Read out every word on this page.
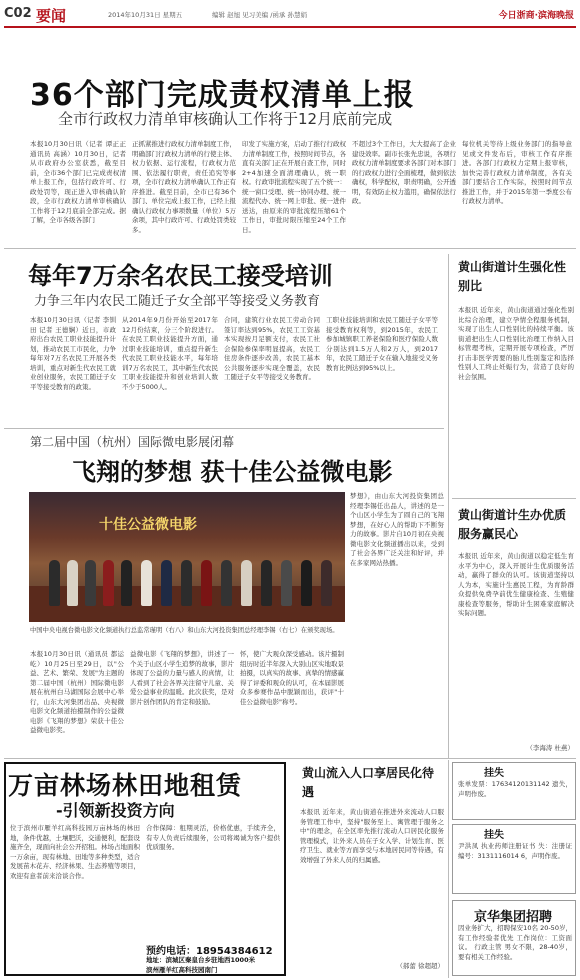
C02 要闻	2014年10月31日 星期五	编辑 赵旭 见习美编 /函承 孙慧娟	今日浙商·滨海晚报
36个部门完成责权清单上报
全市行政权力清单审核确认工作将于12月底前完成
本报10月30日讯（记者 谭正正 通讯员 高涵）10月30日，记者从市政府办公室获悉，截至目前，全市36个部门已完成责权清单上报工作，包括行政许可、行政处罚等，现正进入审核确认阶段，全市行政权力清单审核确认工作将于12月底前全部完成。据了解，全市各级各部门
正抓紧推进行政权力清单制度工作，明确部门行政权力清单的行使主体、权力依据、运行流程，行政权力范围、依法履行职责，责任追究等事项，全市行政权力清单确认工作正有序推进。截至目前，全市已有36个部门、单位完成上报工作，已经上报确认行政权力事项数量（单位）5万余项，其中行政许可、行政处罚类较多。
印发了实施方案，启动了推行行政权力清单制度工作，按照时间节点，各直有关部门正在开展自查工作，同时2+4加速全面清理确认，统一职权。行政审批流程实现了五个统一：统一窗口受理、统一协同办理、统一流程代办、统一网上审批、统一进件送达，由原来的审批流程压缩61个工作日，审批时限压缩至24个工作日。
不超过3个工作日，大大提高了企业建设效率。副市长张先忠说，各项行政权力清单制度要求各部门对本部门的行政权力进行全面梳理，做到依法确权，科学配权，职责明确，公开透明，有效防止权力滥用，确保依法行政。
每位机关等待上级业务部门的指导意见或文件发布后，审核工作有序推进。各部门行政权力定期上报审核，加快完善行政权力清单制度，各有关部门要结合工作实际，按照时间节点推进工作，并于2015年第一季度公布行政权力清单。
每年7万余名农民工接受培训
力争三年内农民工随迁子女全部平等接受义务教育
本报10月30日讯（记者 李钏田 记者 王德娴）近日，市政府出台农民工职业技能提升计划，推动农民工市民化，力争每年对7万名农民工开展各类培训，重点对新生代农民工就业创业服务，农民工随迁子女平等接受教育的政策。
从2014年9月份开始至2017年12月份结束，分三个阶段进行。在农民工职业技能提升方面，通过职业技能培训，重点提升新生代农民工职业技能水平，每年培训7万名农民工，其中新生代农民工职业技能提升和创业培训人数不少于5000人。
合同，建筑行业农民工劳动合同签订率达到95%，农民工工资基本实现按月足额支付，农民工社会保险参保率明显提高，农民工住房条件逐步改善，农民工基本公共服务逐步实现全覆盖，农民工随迁子女平等接受义务教育。
工职业技能培训和农民工随迁子女平等接受教育权利等，到2015年，农民工参加城镇职工养老保险和医疗保险人数分别达到1.5万人和2万人，到2017年，农民工随迁子女在输入地接受义务教育比例达到95%以上。
黄山街道计生强化性别比
本报讯 近年来，黄山街道通过强化性别比综合治理，建立孕情全程服务机制，实现了出生人口性别比的持续平衡。该街道把出生人口性别比治理工作纳入目标管理考核，定期开展专项检查，严厉打击非医学需要的胎儿性别鉴定和选择性别人工终止妊娠行为，营造了良好的社会氛围。
黄山街道计生办优质服务赢民心
本报讯 近年来，黄山街道以稳定低生育水平为中心，深入开展计生优质服务活动，赢得了群众的认可。该街道坚持以人为本，实施计生惠民工程，为育龄群众提供免费孕前优生健康检查、生殖健康检查等服务，帮助计生困难家庭解决实际问题。
（李海涛 杜燕）
第二届中国（杭州）国际微电影展闭幕
飞翔的梦想 获十佳公益微电影
十佳公益微电影
中国中央电视台微电影文化频道执行总监常瑾明（右八）和山东大河投资集团总经理李锡（右七）在颁奖现场。
梦想》，由山东大河投资集团总经理李锡任出品人，讲述的是一个山区小学生为了圆自己的飞翔梦想，在好心人的帮助下不断努力的故事。影片自10月初在央视微电影文化频道播出以来，受到了社会各界广泛关注和好评，并在多家网站热播。
本报10月30日讯（通讯员 都运屹）10月25日至29日，以"公益、艺术、繁荣、发展"为主题的第二届中国（杭州）国际微电影展在杭州白马湖国际会展中心举行，山东大河集团出品、央视微电影文化频道拍摄制作的公益微电影《飞翔的梦想》荣获十佳公益微电影奖。
益微电影《飞翔的梦想》，讲述了一个关于山区小学生追梦的故事，影片体现了公益的力量与感人的真情，让人看到了社会各界关注留守儿童、关爱公益事业的温暖。此次获奖，是对影片创作团队的肯定和鼓励。
怀，使广大观众深受感动。该片摄制组历时近半年深入大别山区实地取景拍摄，以真实的故事、真挚的情感赢得了评委和观众的认可，在本届影展众多参赛作品中脱颖而出，获评"十佳公益微电影"称号。
万亩林场林田地租赁
-引领新投资方向
位于滨州市雁羊红高科技园万亩林场的林田地，条件优越，土壤肥沃，交通便利，配套设施齐全，现面向社会公开招租。林场占地面积一万余亩，现有林地、田地等多种类型，适合发展苗木花卉、经济林果、生态养殖等项目，欢迎有意者前来洽谈合作。
合作保障：租期灵活，价格优惠，手续齐全，有专人负责后续服务，公司将竭诚为客户提供优质服务。
预约电话：18954384612
地址：滨城区秦皇台乡驻地西1000米
滨州雁羊红高科技园南门
黄山流入人口享居民化待遇
本报讯 近年来，黄山街道在推进外来流动人口服务管理工作中，坚持"服务至上、寓管理于服务之中"的理念，在全区率先推行流动人口居民化服务管理模式，让外来人员在子女入学、计划生育、医疗卫生、就业等方面享受与本地居民同等待遇，有效增强了外来人员的归属感。
（郝蕾 徐超超）
挂失
张单发票：17634120131142 遗失，声明作废。
挂失
尹洪凤 执业药师注册证书 失：注册证编号：3131116014 6，声明作废。
京华集团招聘
因业务扩大，招聘保安10名 20-50岁，有工作经验者优先 工作岗位：工资面议。 行政主管 男女不限，28-40岁，要有相关工作经验。
